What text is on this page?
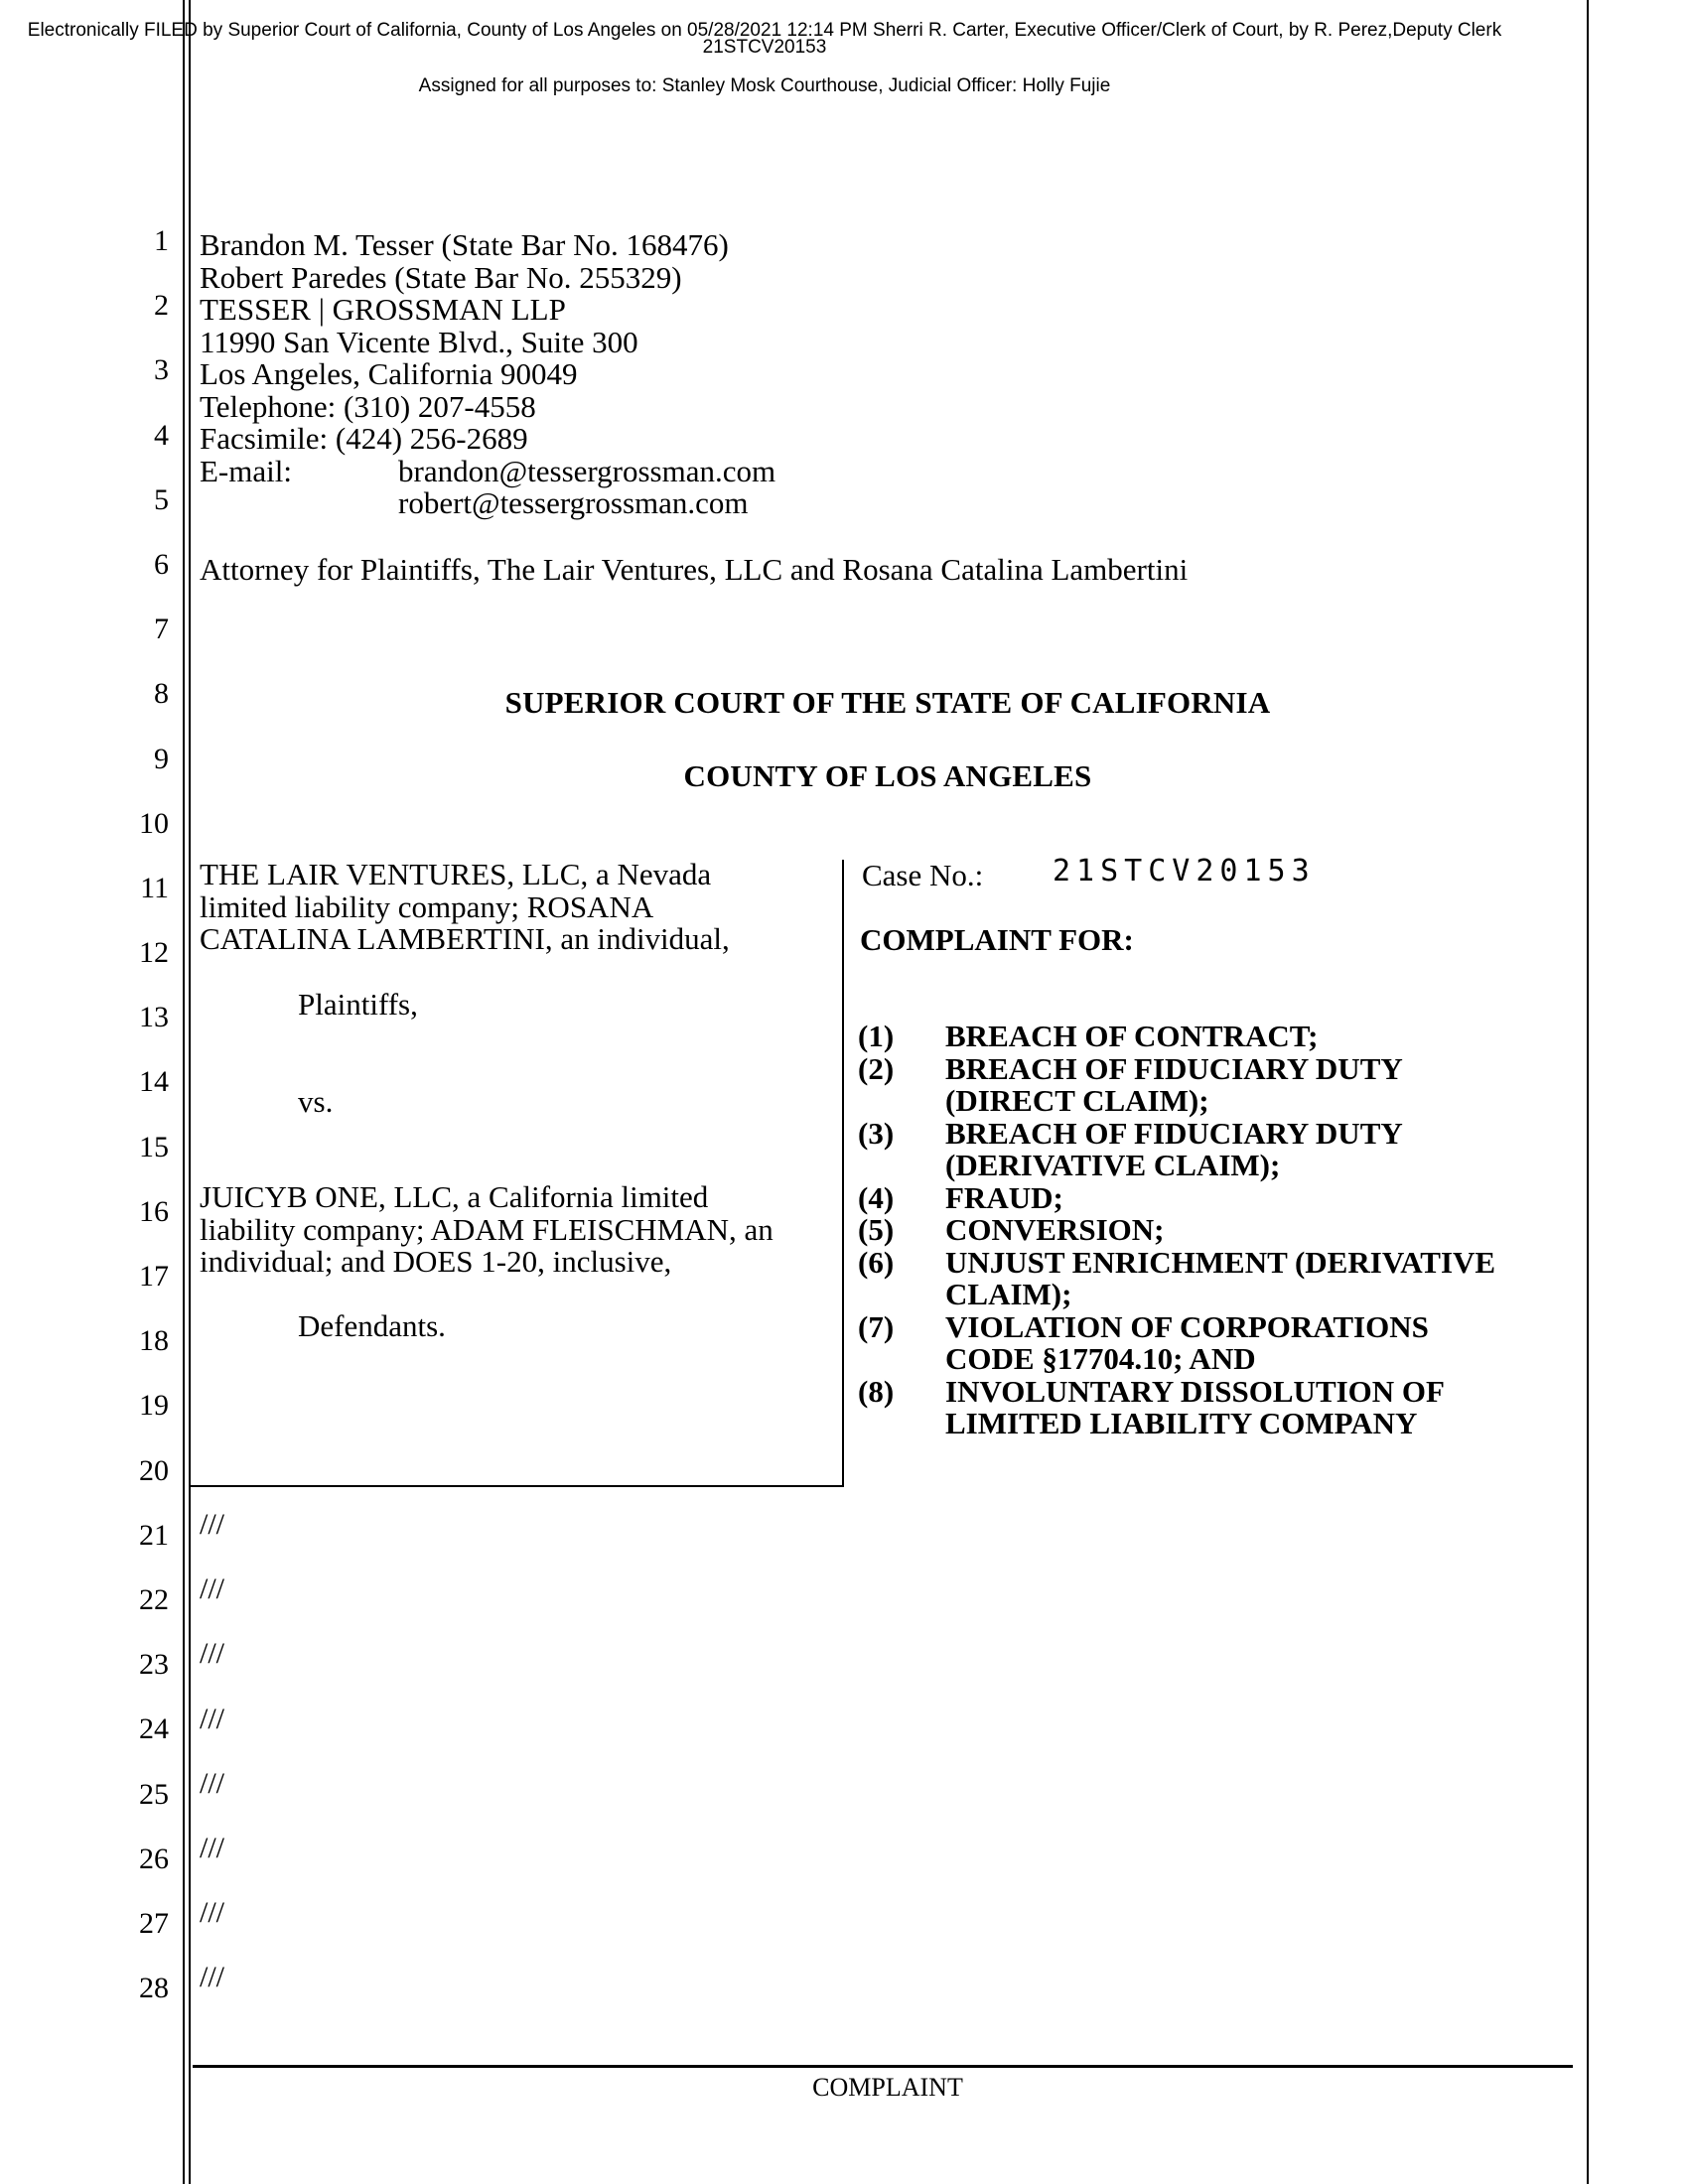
Electronically FILED by Superior Court of California, County of Los Angeles on 05/28/2021 12:14 PM Sherri R. Carter, Executive Officer/Clerk of Court, by R. Perez,Deputy Clerk
21STCV20153
Assigned for all purposes to: Stanley Mosk Courthouse, Judicial Officer: Holly Fujie
1
2
3
4
5
6
7
8
9
10
11
12
13
14
15
16
17
18
19
20
21
22
23
24
25
26
27
28
Brandon M. Tesser (State Bar No. 168476)
Robert Paredes (State Bar No. 255329)
TESSER | GROSSMAN LLP
11990 San Vicente Blvd., Suite 300
Los Angeles, California 90049
Telephone: (310) 207-4558
Facsimile: (424) 256-2689
E-mail:	brandon@tessergrossman.com
robert@tessergrossman.com
Attorney for Plaintiffs, The Lair Ventures, LLC and Rosana Catalina Lambertini
SUPERIOR COURT OF THE STATE OF CALIFORNIA
COUNTY OF LOS ANGELES
THE LAIR VENTURES, LLC, a Nevada
limited liability company; ROSANA
CATALINA LAMBERTINI, an individual,
Plaintiffs,
vs.
JUICYB ONE, LLC, a California limited
liability company; ADAM FLEISCHMAN, an
individual; and DOES 1-20, inclusive,
Defendants.
Case No.: 21STCV20153
COMPLAINT FOR:
(1)	BREACH OF CONTRACT;
(2)	BREACH OF FIDUCIARY DUTY
(DIRECT CLAIM);
(3)	BREACH OF FIDUCIARY DUTY
(DERIVATIVE CLAIM);
(4)	FRAUD;
(5)	CONVERSION;
(6)	UNJUST ENRICHMENT (DERIVATIVE
CLAIM);
(7)	VIOLATION OF CORPORATIONS
CODE §17704.10; AND
(8)	INVOLUNTARY DISSOLUTION OF
LIMITED LIABILITY COMPANY
///
///
///
///
///
///
///
///
COMPLAINT
